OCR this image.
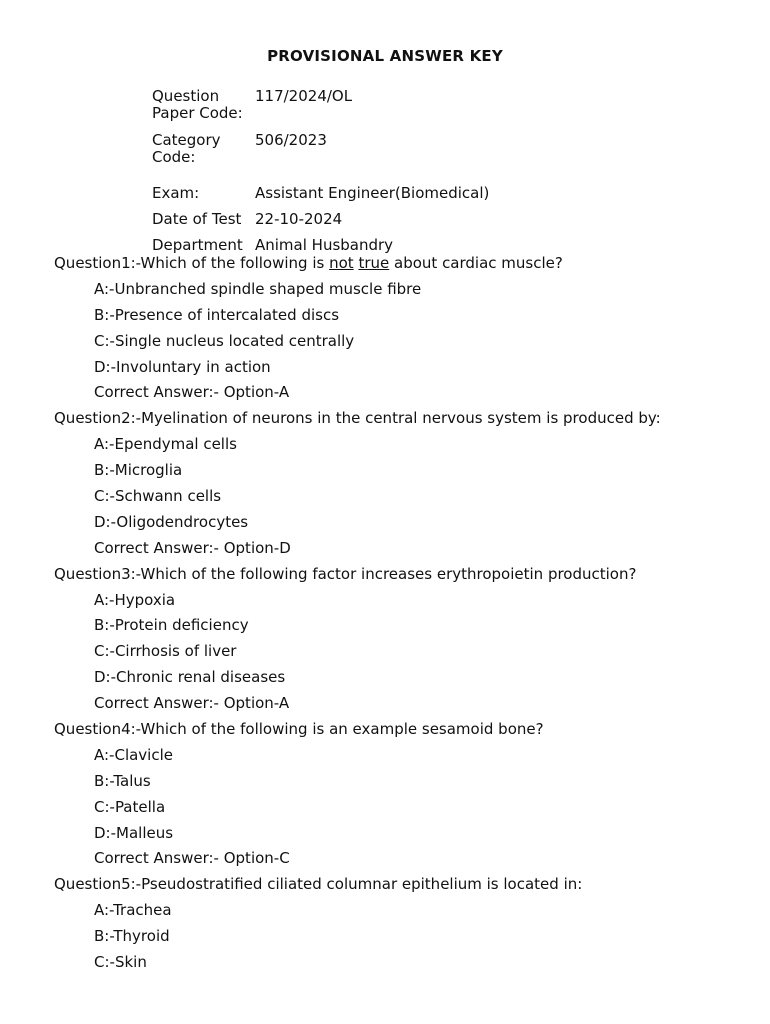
PROVISIONAL ANSWER KEY
Question Paper Code:	117/2024/OL
Category Code:	506/2023
Exam:	Assistant Engineer(Biomedical)
Date of Test	22-10-2024
Department	Animal Husbandry
Question1:-Which of the following is not true about cardiac muscle?
A:-Unbranched spindle shaped muscle fibre
B:-Presence of intercalated discs
C:-Single nucleus located centrally
D:-Involuntary in action
Correct Answer:- Option-A
Question2:-Myelination of neurons in the central nervous system is produced by:
A:-Ependymal cells
B:-Microglia
C:-Schwann cells
D:-Oligodendrocytes
Correct Answer:- Option-D
Question3:-Which of the following factor increases erythropoietin production?
A:-Hypoxia
B:-Protein deficiency
C:-Cirrhosis of liver
D:-Chronic renal diseases
Correct Answer:- Option-A
Question4:-Which of the following is an example sesamoid bone?
A:-Clavicle
B:-Talus
C:-Patella
D:-Malleus
Correct Answer:- Option-C
Question5:-Pseudostratified ciliated columnar epithelium is located in:
A:-Trachea
B:-Thyroid
C:-Skin
